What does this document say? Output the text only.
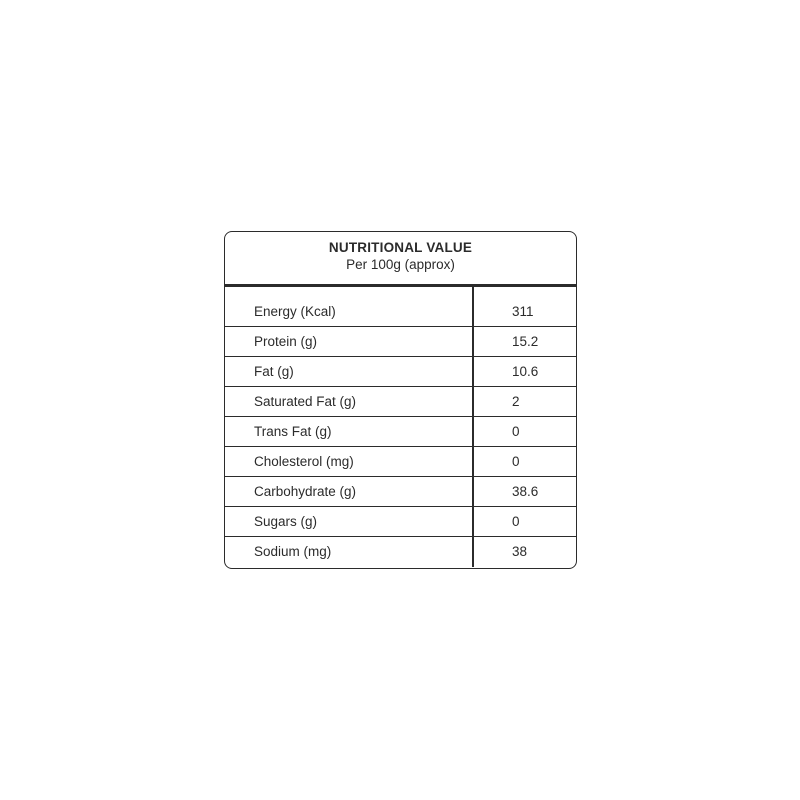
NUTRITIONAL VALUE
Per 100g (approx)
Energy (Kcal)	311
Protein (g)	15.2
Fat (g)	10.6
Saturated Fat (g)	2
Trans Fat (g)	0
Cholesterol (mg)	0
Carbohydrate (g)	38.6
Sugars (g)	0
Sodium (mg)	38
